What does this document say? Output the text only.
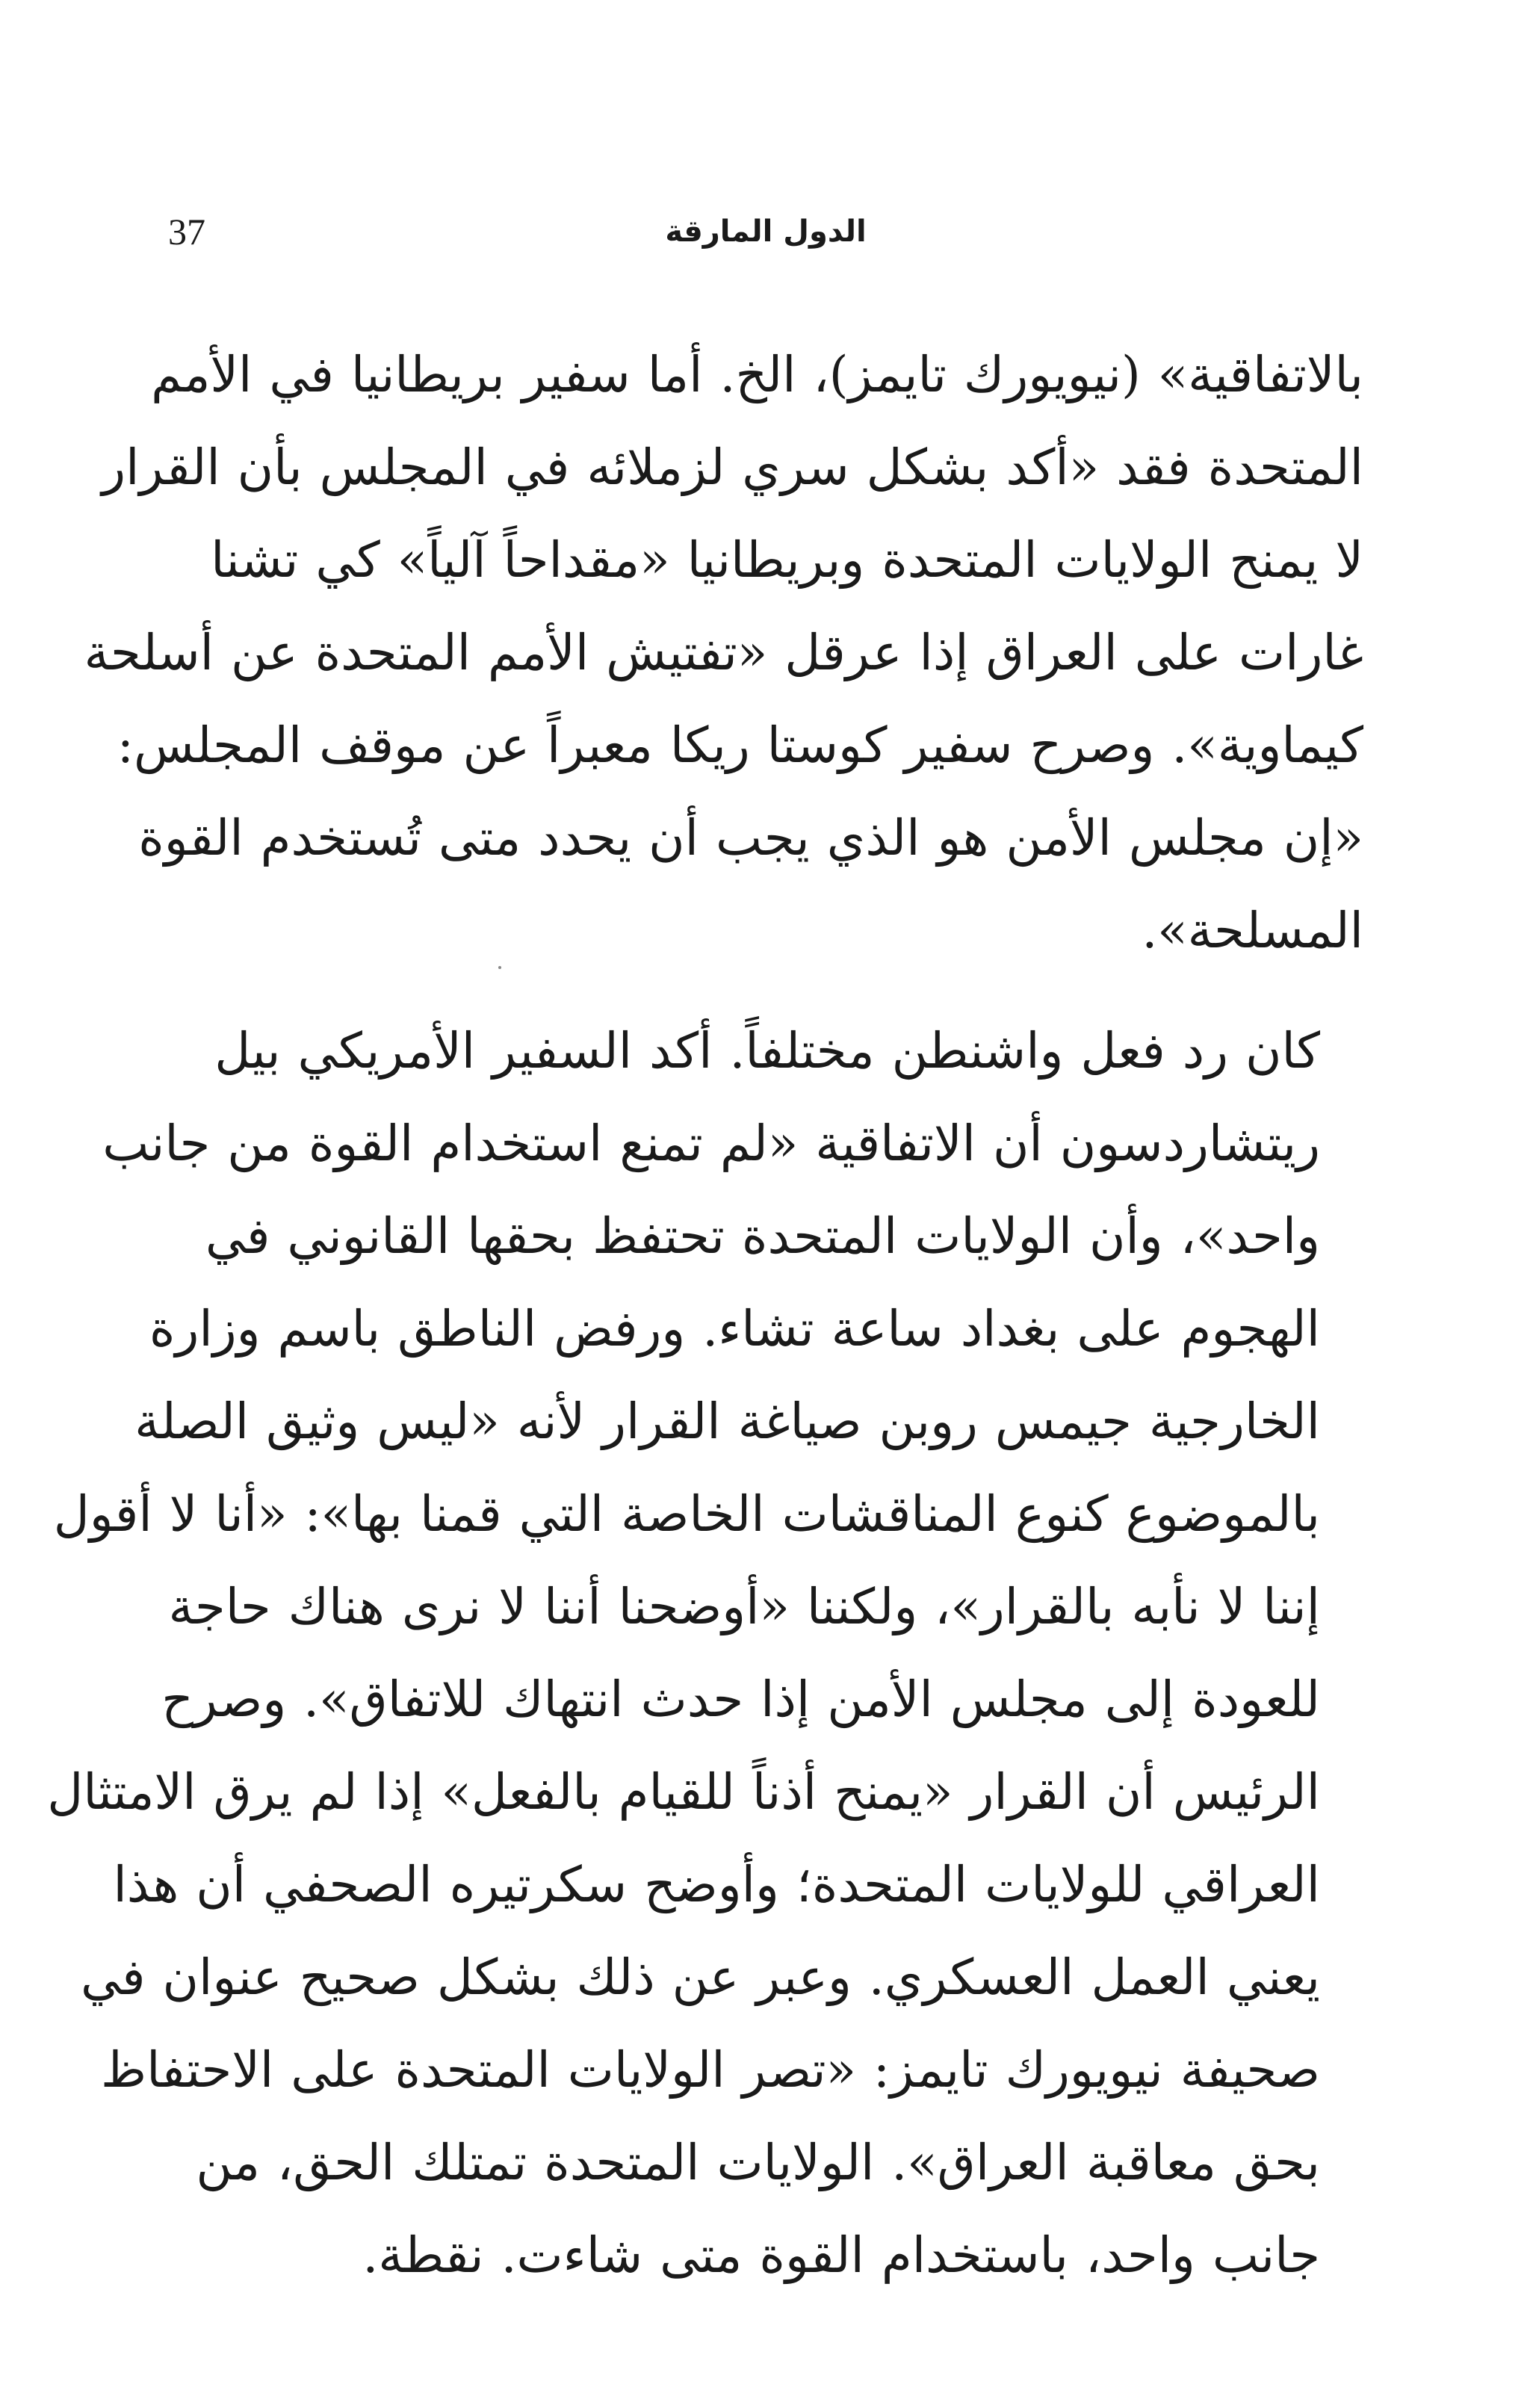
37	الدول المارقة
بالاتفاقية» (نيويورك تايمز)، الخ. أما سفير بريطانيا في الأمم
المتحدة فقد «أكد بشكل سري لزملائه في المجلس بأن القرار
لا يمنح الولايات المتحدة وبريطانيا «مقداحاً آلياً» كي تشنا
غارات على العراق إذا عرقل «تفتيش الأمم المتحدة عن أسلحة
كيماوية». وصرح سفير كوستا ريكا معبراً عن موقف المجلس:
«إن مجلس الأمن هو الذي يجب أن يحدد متى تُستخدم القوة
المسلحة».
كان رد فعل واشنطن مختلفاً. أكد السفير الأمريكي بيل

ريتشاردسون أن الاتفاقية «لم تمنع استخدام القوة من جانب
واحد»، وأن الولايات المتحدة تحتفظ بحقها القانوني في
الهجوم على بغداد ساعة تشاء. ورفض الناطق باسم وزارة
الخارجية جيمس روبن صياغة القرار لأنه «ليس وثيق الصلة
بالموضوع كنوع المناقشات الخاصة التي قمنا بها»: «أنا لا أقول
إننا لا نأبه بالقرار»، ولكننا «أوضحنا أننا لا نرى هناك حاجة
للعودة إلى مجلس الأمن إذا حدث انتهاك للاتفاق». وصرح
الرئيس أن القرار «يمنح أذناً للقيام بالفعل» إذا لم يرق الامتثال
العراقي للولايات المتحدة؛ وأوضح سكرتيره الصحفي أن هذا
يعني العمل العسكري. وعبر عن ذلك بشكل صحيح عنوان في
صحيفة نيويورك تايمز: «تصر الولايات المتحدة على الاحتفاظ
بحق معاقبة العراق». الولايات المتحدة تمتلك الحق، من
جانب واحد، باستخدام القوة متى شاءت. نقطة.
